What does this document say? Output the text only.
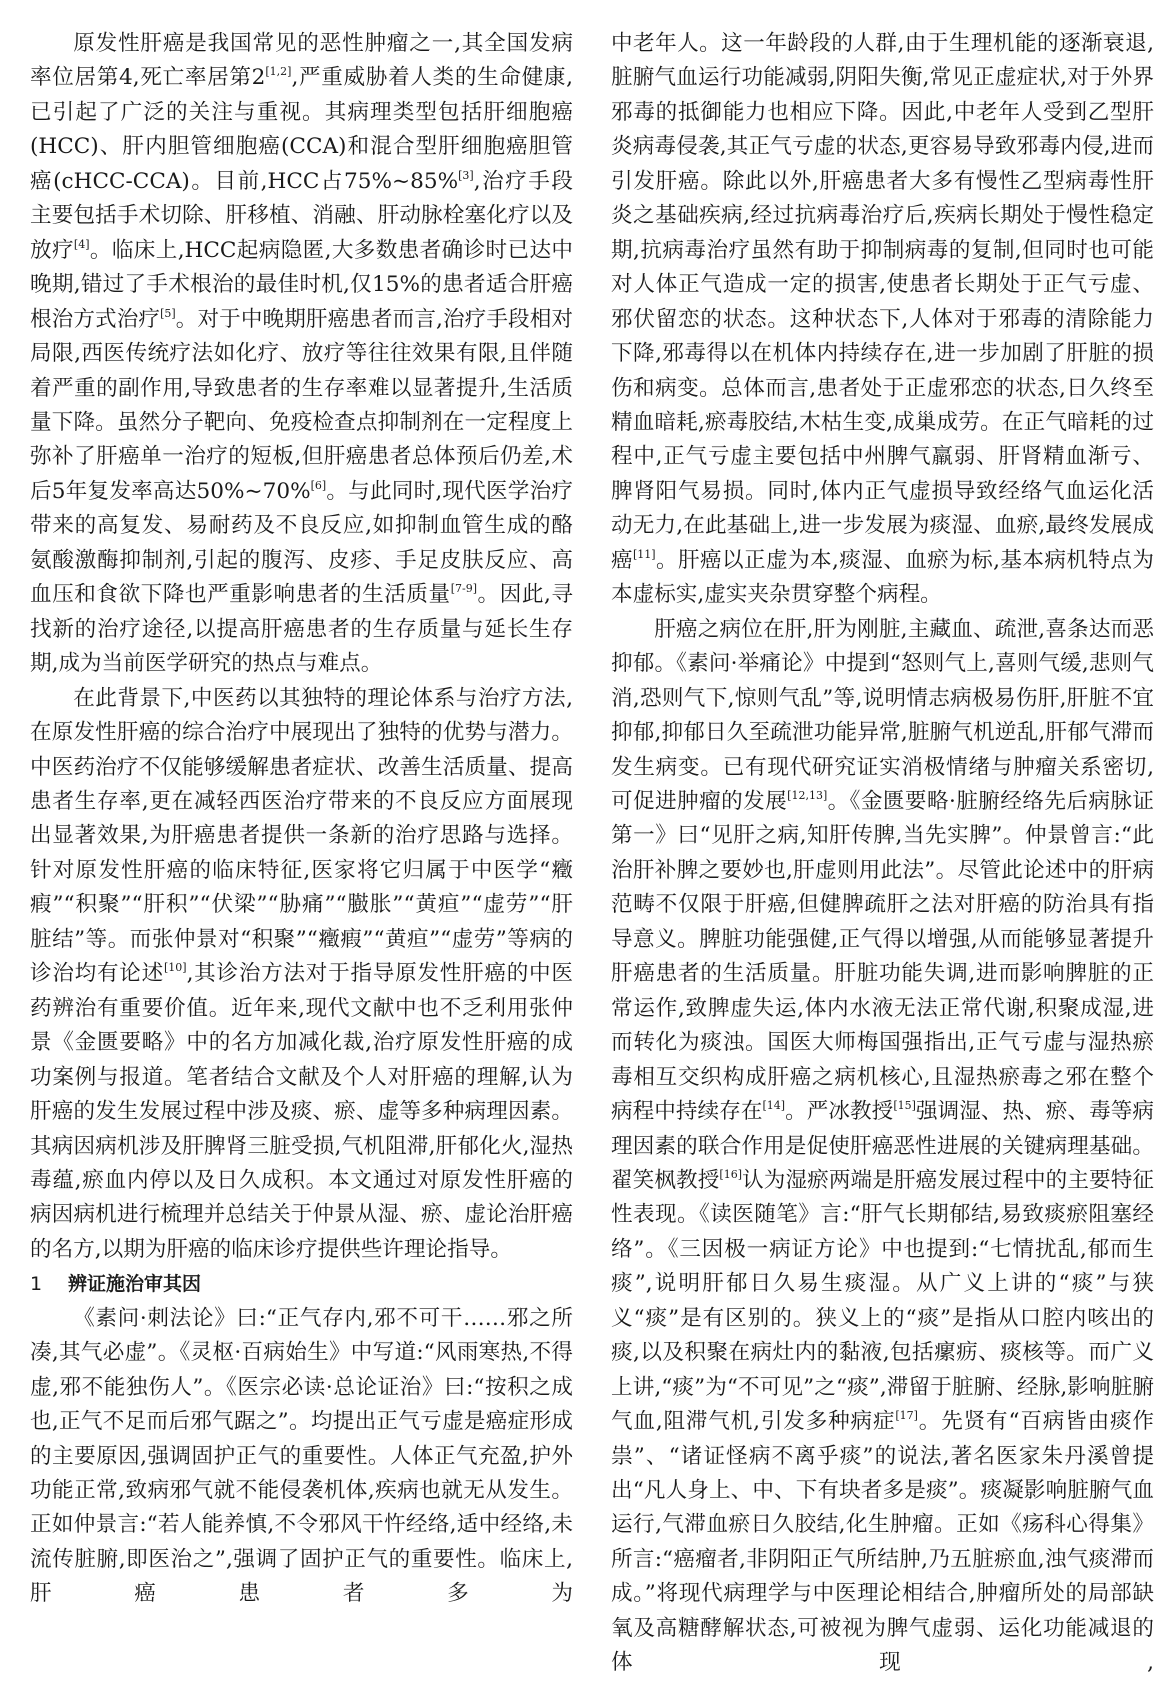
原发性肝癌是我国常见的恶性肿瘤之一,其全国发病率位居第4,死亡率居第2[1,2],严重威胁着人类的生命健康,已引起了广泛的关注与重视。其病理类型包括肝细胞癌(HCC)、肝内胆管细胞癌(CCA)和混合型肝细胞癌胆管癌(cHCC-CCA)。目前,HCC占75%~85%[3],治疗手段主要包括手术切除、肝移植、消融、肝动脉栓塞化疗以及放疗[4]。临床上,HCC起病隐匿,大多数患者确诊时已达中晚期,错过了手术根治的最佳时机,仅15%的患者适合肝癌根治方式治疗[5]。对于中晚期肝癌患者而言,治疗手段相对局限,西医传统疗法如化疗、放疗等往往效果有限,且伴随着严重的副作用,导致患者的生存率难以显著提升,生活质量下降。虽然分子靶向、免疫检查点抑制剂在一定程度上弥补了肝癌单一治疗的短板,但肝癌患者总体预后仍差,术后5年复发率高达50%~70%[6]。与此同时,现代医学治疗带来的高复发、易耐药及不良反应,如抑制血管生成的酪氨酸激酶抑制剂,引起的腹泻、皮疹、手足皮肤反应、高血压和食欲下降也严重影响患者的生活质量[7-9]。因此,寻找新的治疗途径,以提高肝癌患者的生存质量与延长生存期,成为当前医学研究的热点与难点。

在此背景下,中医药以其独特的理论体系与治疗方法,在原发性肝癌的综合治疗中展现出了独特的优势与潜力。中医药治疗不仅能够缓解患者症状、改善生活质量、提高患者生存率,更在减轻西医治疗带来的不良反应方面展现出显著效果,为肝癌患者提供一条新的治疗思路与选择。针对原发性肝癌的临床特征,医家将它归属于中医学“癥瘕”“积聚”“肝积”“伏梁”“胁痛”“臌胀”“黄疸”“虚劳”“肝脏结”等。而张仲景对“积聚”“癥瘕”“黄疸”“虚劳”等病的诊治均有论述[10],其诊治方法对于指导原发性肝癌的中医药辨治有重要价值。近年来,现代文献中也不乏利用张仲景《金匮要略》中的名方加减化裁,治疗原发性肝癌的成功案例与报道。笔者结合文献及个人对肝癌的理解,认为肝癌的发生发展过程中涉及痰、瘀、虚等多种病理因素。其病因病机涉及肝脾肾三脏受损,气机阻滞,肝郁化火,湿热毒蕴,瘀血内停以及日久成积。本文通过对原发性肝癌的病因病机进行梳理并总结关于仲景从湿、瘀、虚论治肝癌的名方,以期为肝癌的临床诊疗提供些许理论指导。

1 辨证施治审其因

《素问·刺法论》曰:“正气存内,邪不可干……邪之所凑,其气必虚”。《灵枢·百病始生》中写道:“风雨寒热,不得虚,邪不能独伤人”。《医宗必读·总论证治》曰:“按积之成也,正气不足而后邪气踞之”。均提出正气亏虚是癌症形成的主要原因,强调固护正气的重要性。人体正气充盈,护外功能正常,致病邪气就不能侵袭机体,疾病也就无从发生。正如仲景言:“若人能养慎,不令邪风干忤经络,适中经络,未流传脏腑,即医治之”,强调了固护正气的重要性。临床上,肝癌患者多为

中老年人。这一年龄段的人群,由于生理机能的逐渐衰退,脏腑气血运行功能减弱,阴阳失衡,常见正虚症状,对于外界邪毒的抵御能力也相应下降。因此,中老年人受到乙型肝炎病毒侵袭,其正气亏虚的状态,更容易导致邪毒内侵,进而引发肝癌。除此以外,肝癌患者大多有慢性乙型病毒性肝炎之基础疾病,经过抗病毒治疗后,疾病长期处于慢性稳定期,抗病毒治疗虽然有助于抑制病毒的复制,但同时也可能对人体正气造成一定的损害,使患者长期处于正气亏虚、邪伏留恋的状态。这种状态下,人体对于邪毒的清除能力下降,邪毒得以在机体内持续存在,进一步加剧了肝脏的损伤和病变。总体而言,患者处于正虚邪恋的状态,日久终至精血暗耗,瘀毒胶结,木枯生变,成巢成劳。在正气暗耗的过程中,正气亏虚主要包括中州脾气羸弱、肝肾精血渐亏、脾肾阳气易损。同时,体内正气虚损导致经络气血运化活动无力,在此基础上,进一步发展为痰湿、血瘀,最终发展成癌[11]。肝癌以正虚为本,痰湿、血瘀为标,基本病机特点为本虚标实,虚实夹杂贯穿整个病程。

肝癌之病位在肝,肝为刚脏,主藏血、疏泄,喜条达而恶抑郁。《素问·举痛论》中提到“怒则气上,喜则气缓,悲则气消,恐则气下,惊则气乱”等,说明情志病极易伤肝,肝脏不宜抑郁,抑郁日久至疏泄功能异常,脏腑气机逆乱,肝郁气滞而发生病变。已有现代研究证实消极情绪与肿瘤关系密切,可促进肿瘤的发展[12,13]。《金匮要略·脏腑经络先后病脉证第一》曰“见肝之病,知肝传脾,当先实脾”。仲景曾言:“此治肝补脾之要妙也,肝虚则用此法”。尽管此论述中的肝病范畴不仅限于肝癌,但健脾疏肝之法对肝癌的防治具有指导意义。脾脏功能强健,正气得以增强,从而能够显著提升肝癌患者的生活质量。肝脏功能失调,进而影响脾脏的正常运作,致脾虚失运,体内水液无法正常代谢,积聚成湿,进而转化为痰浊。国医大师梅国强指出,正气亏虚与湿热瘀毒相互交织构成肝癌之病机核心,且湿热瘀毒之邪在整个病程中持续存在[14]。严冰教授[15]强调湿、热、瘀、毒等病理因素的联合作用是促使肝癌恶性进展的关键病理基础。翟笑枫教授[16]认为湿瘀两端是肝癌发展过程中的主要特征性表现。《读医随笔》言:“肝气长期郁结,易致痰瘀阻塞经络”。《三因极一病证方论》中也提到:“七情扰乱,郁而生痰”,说明肝郁日久易生痰湿。从广义上讲的“痰”与狭义“痰”是有区别的。狭义上的“痰”是指从口腔内咳出的痰,以及积聚在病灶内的黏液,包括瘰疬、痰核等。而广义上讲,“痰”为“不可见”之“痰”,滞留于脏腑、经脉,影响脏腑气血,阻滞气机,引发多种病症[17]。先贤有“百病皆由痰作祟”、“诸证怪病不离乎痰”的说法,著名医家朱丹溪曾提出“凡人身上、中、下有块者多是痰”。痰凝影响脏腑气血运行,气滞血瘀日久胶结,化生肿瘤。正如《疡科心得集》所言:“癌瘤者,非阴阳正气所结肿,乃五脏瘀血,浊气痰滞而成。”将现代病理学与中医理论相结合,肿瘤所处的局部缺氧及高糖酵解状态,可被视为脾气虚弱、运化功能减退的体现,
